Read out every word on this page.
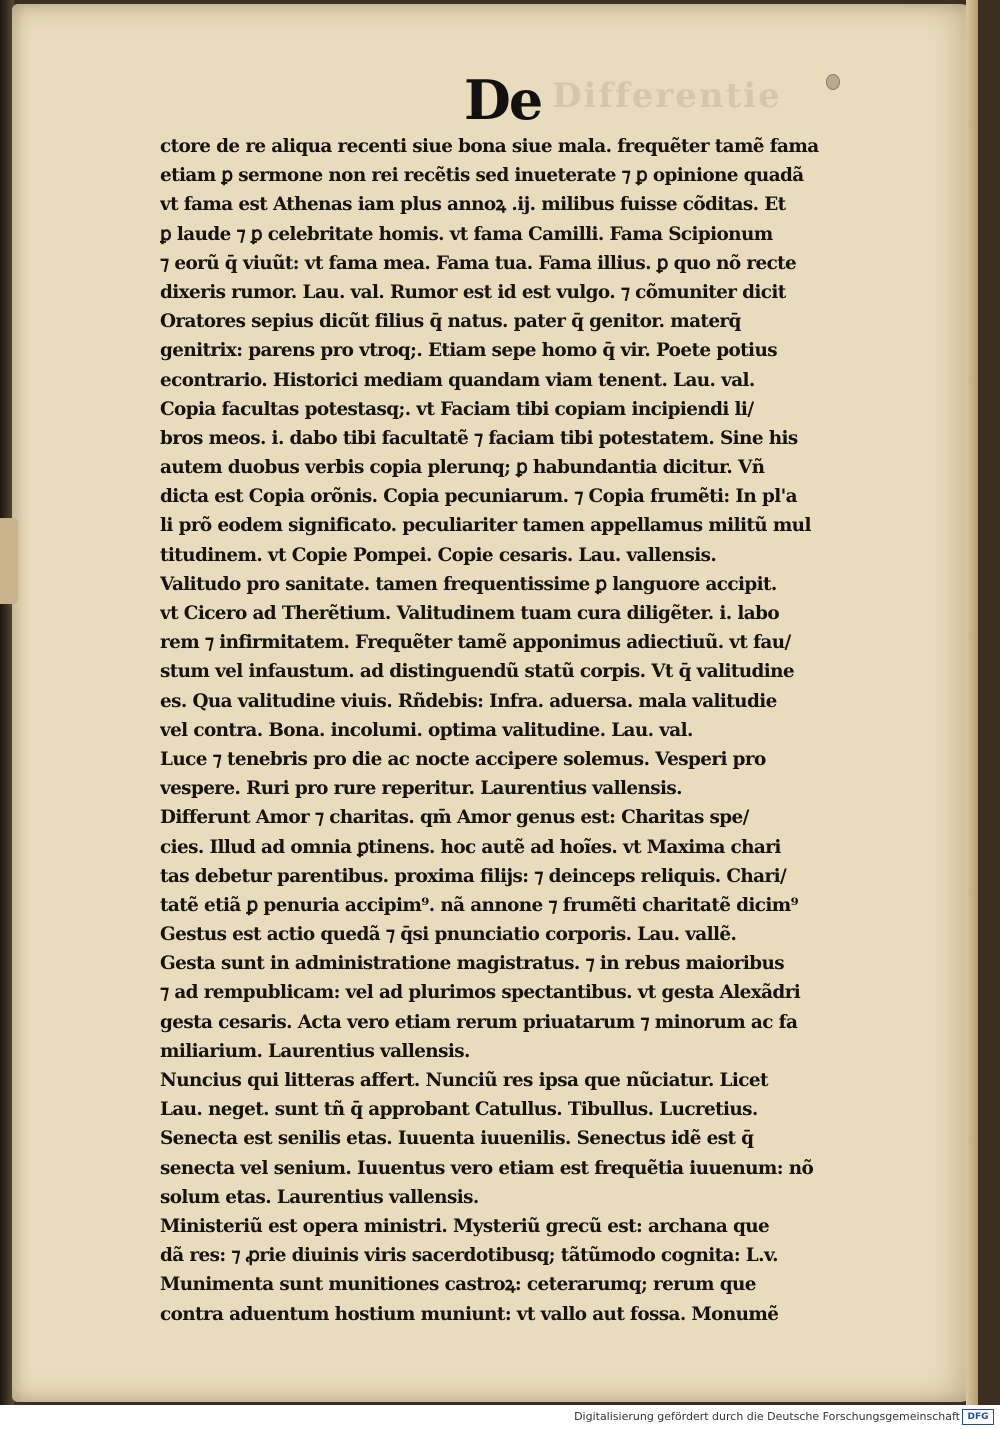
Differentie
De
ctore de re aliqua recenti siue bona siue mala. frequẽter tamẽ fama
etiam ꝑ sermone non rei recẽtis sed inueterate ⁊ ꝑ opinione quadã
vt fama est Athenas iam plus annoꝝ .ij. milibus fuisse cõditas. Et
ꝑ laude ⁊ ꝑ celebritate homis. vt fama Camilli. Fama Scipionum
⁊ eorũ q̄ viuũt: vt fama mea. Fama tua. Fama illius. ꝑ quo nõ recte
dixeris rumor. Lau. val. Rumor est id est vulgo. ⁊ cõmuniter dicit
Oratores sepius dicũt filius q̄ natus. pater q̄ genitor. materq̄
genitrix: parens pro vtroq;. Etiam sepe homo q̄ vir. Poete potius
econtrario. Historici mediam quandam viam tenent. Lau. val.
Copia facultas potestasq;. vt Faciam tibi copiam incipiendi li/
bros meos. i. dabo tibi facultatẽ ⁊ faciam tibi potestatem. Sine his
autem duobus verbis copia plerunq; ꝑ habundantia dicitur. Vñ
dicta est Copia orõnis. Copia pecuniarum. ⁊ Copia frumẽti: In pl'a
li prõ eodem significato. peculiariter tamen appellamus militũ mul
titudinem. vt Copie Pompei. Copie cesaris. Lau. vallensis.
Valitudo pro sanitate. tamen frequentissime ꝑ languore accipit.
vt Cicero ad Therẽtium. Valitudinem tuam cura diligẽter. i. labo
rem ⁊ infirmitatem. Frequẽter tamẽ apponimus adiectiuũ. vt fau/
stum vel infaustum. ad distinguendũ statũ corpis. Vt q̄ valitudine
es. Qua valitudine viuis. Rñdebis: Infra. aduersa. mala valitudie
vel contra. Bona. incolumi. optima valitudine. Lau. val.
Luce ⁊ tenebris pro die ac nocte accipere solemus. Vesperi pro
vespere. Ruri pro rure reperitur. Laurentius vallensis.
Differunt Amor ⁊ charitas. qm̄ Amor genus est: Charitas spe/
cies. Illud ad omnia ꝑtinens. hoc autẽ ad hoĩes. vt Maxima chari
tas debetur parentibus. proxima filijs: ⁊ deinceps reliquis. Chari/
tatẽ etiã ꝑ penuria accipim⁹. nã annone ⁊ frumẽti charitatẽ dicim⁹
Gestus est actio quedã ⁊ q̄si pnunciatio corporis. Lau. vallẽ.
Gesta sunt in administratione magistratus. ⁊ in rebus maioribus
⁊ ad rempublicam: vel ad plurimos spectantibus. vt gesta Alexãdri
gesta cesaris. Acta vero etiam rerum priuatarum ⁊ minorum ac fa
miliarium. Laurentius vallensis.
Nuncius qui litteras affert. Nunciũ res ipsa que nũciatur. Licet
Lau. neget. sunt tñ q̄ approbant Catullus. Tibullus. Lucretius.
Senecta est senilis etas. Iuuenta iuuenilis. Senectus idẽ est q̄
senecta vel senium. Iuuentus vero etiam est frequẽtia iuuenum: nõ
solum etas. Laurentius vallensis.
Ministeriũ est opera ministri. Mysteriũ grecũ est: archana que
dã res: ⁊ ꝓrie diuinis viris sacerdotibusq; tãtũmodo cognita: L.v.
Munimenta sunt munitiones castroꝝ: ceterarumq; rerum que
contra aduentum hostium muniunt: vt vallo aut fossa. Monumẽ
Digitalisierung gefördert durch die Deutsche Forschungsgemeinschaft DFG
